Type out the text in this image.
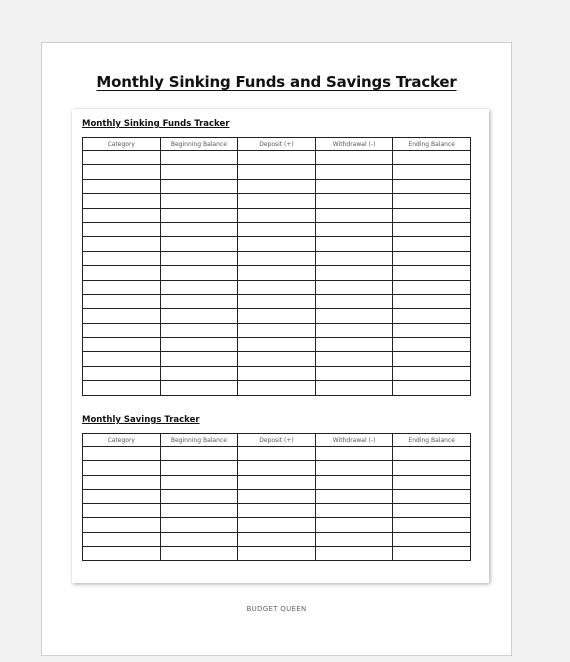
Monthly Sinking Funds and Savings Tracker
Monthly Sinking Funds Tracker
Category	Beginning Balance	Deposit (+)	Withdrawal (-)	Ending Balance

Monthly Savings Tracker
Category	Beginning Balance	Deposit (+)	Withdrawal (-)	Ending Balance

BUDGET QUEEN
